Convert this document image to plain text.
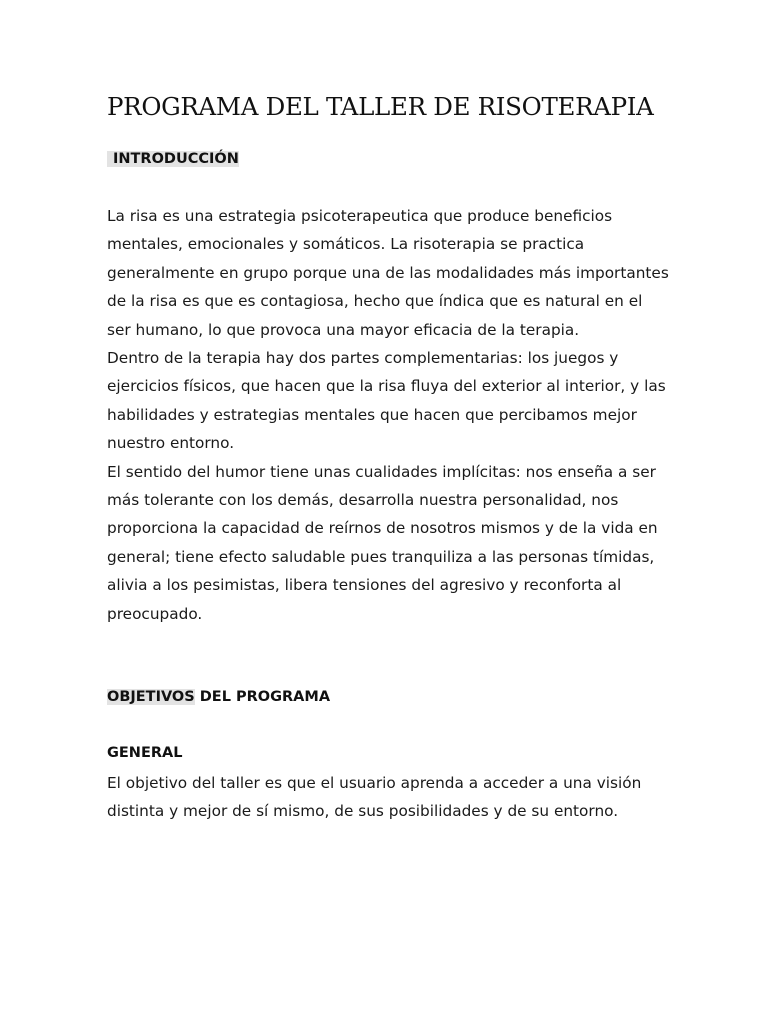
PROGRAMA DEL TALLER DE RISOTERAPIA
INTRODUCCIÓN
La risa es una estrategia psicoterapeutica que produce beneficios
mentales, emocionales y somáticos. La risoterapia se practica
generalmente en grupo porque una de las modalidades más importantes
de la risa es que es contagiosa, hecho que índica que es natural en el
ser humano, lo que provoca una mayor eficacia de la terapia.
Dentro de la terapia hay dos partes complementarias: los juegos y
ejercicios físicos, que hacen que la risa fluya del exterior al interior, y las
habilidades y estrategias mentales que hacen que percibamos mejor
nuestro entorno.
El sentido del humor tiene unas cualidades implícitas: nos enseña a ser
más tolerante con los demás, desarrolla nuestra personalidad, nos
proporciona la capacidad de reírnos de nosotros mismos y de la vida en
general; tiene efecto saludable pues tranquiliza a las personas tímidas,
alivia a los pesimistas, libera tensiones del agresivo y reconforta al
preocupado.
OBJETIVOS DEL PROGRAMA
GENERAL
El objetivo del taller es que el usuario aprenda a acceder a una visión
distinta y mejor de sí mismo, de sus posibilidades y de su entorno.
